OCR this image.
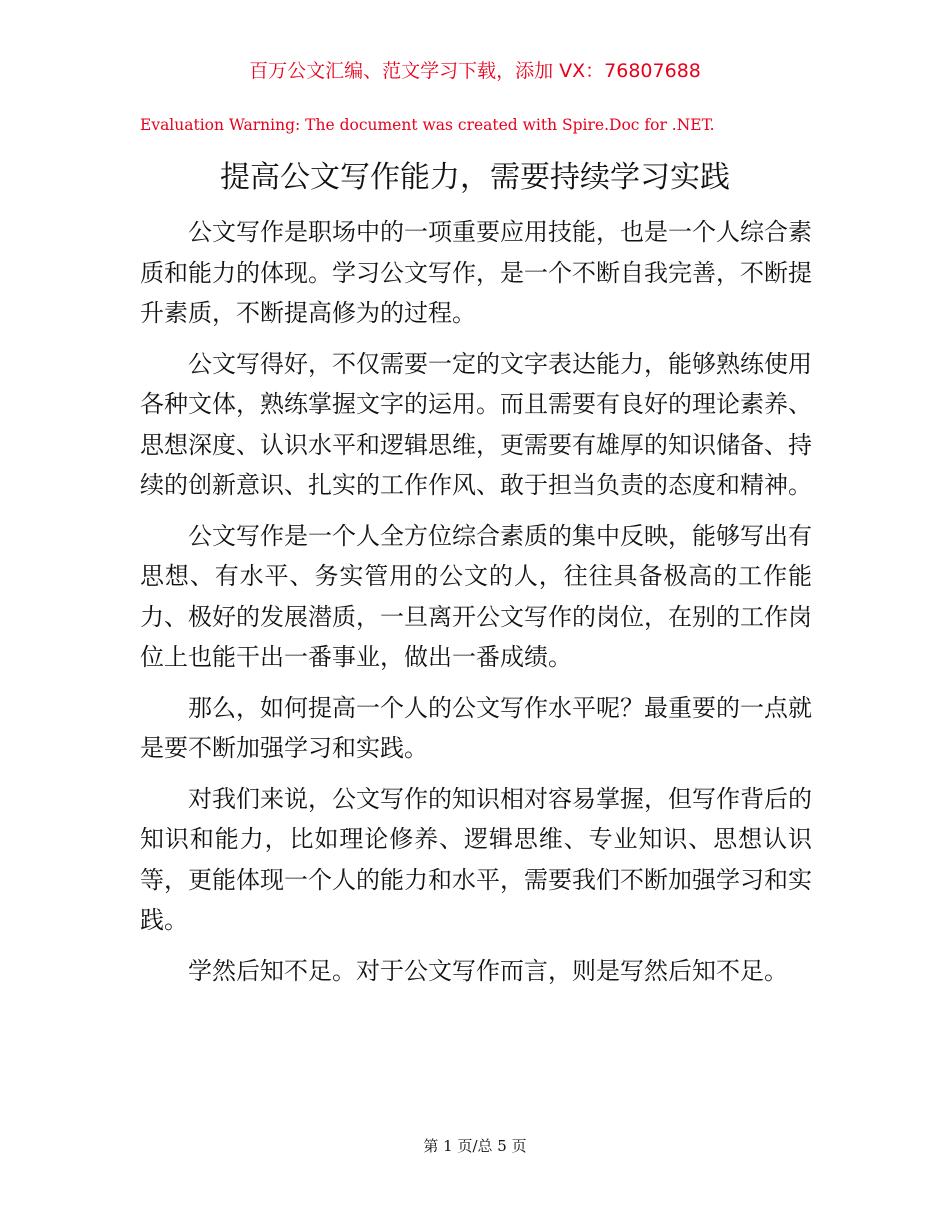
百万公文汇编、范文学习下载，添加 VX：76807688
Evaluation Warning: The document was created with Spire.Doc for .NET.
提高公文写作能力，需要持续学习实践

公文写作是职场中的一项重要应用技能，也是一个人综合素质和能力的体现。学习公文写作，是一个不断自我完善，不断提升素质，不断提高修为的过程。

公文写得好，不仅需要一定的文字表达能力，能够熟练使用各种文体，熟练掌握文字的运用。而且需要有良好的理论素养、思想深度、认识水平和逻辑思维，更需要有雄厚的知识储备、持续的创新意识、扎实的工作作风、敢于担当负责的态度和精神。

公文写作是一个人全方位综合素质的集中反映，能够写出有思想、有水平、务实管用的公文的人，往往具备极高的工作能力、极好的发展潜质，一旦离开公文写作的岗位，在别的工作岗位上也能干出一番事业，做出一番成绩。

那么，如何提高一个人的公文写作水平呢？最重要的一点就是要不断加强学习和实践。

对我们来说，公文写作的知识相对容易掌握，但写作背后的知识和能力，比如理论修养、逻辑思维、专业知识、思想认识等，更能体现一个人的能力和水平，需要我们不断加强学习和实践。

学然后知不足。对于公文写作而言，则是写然后知不足。

第 1 页/总 5 页
